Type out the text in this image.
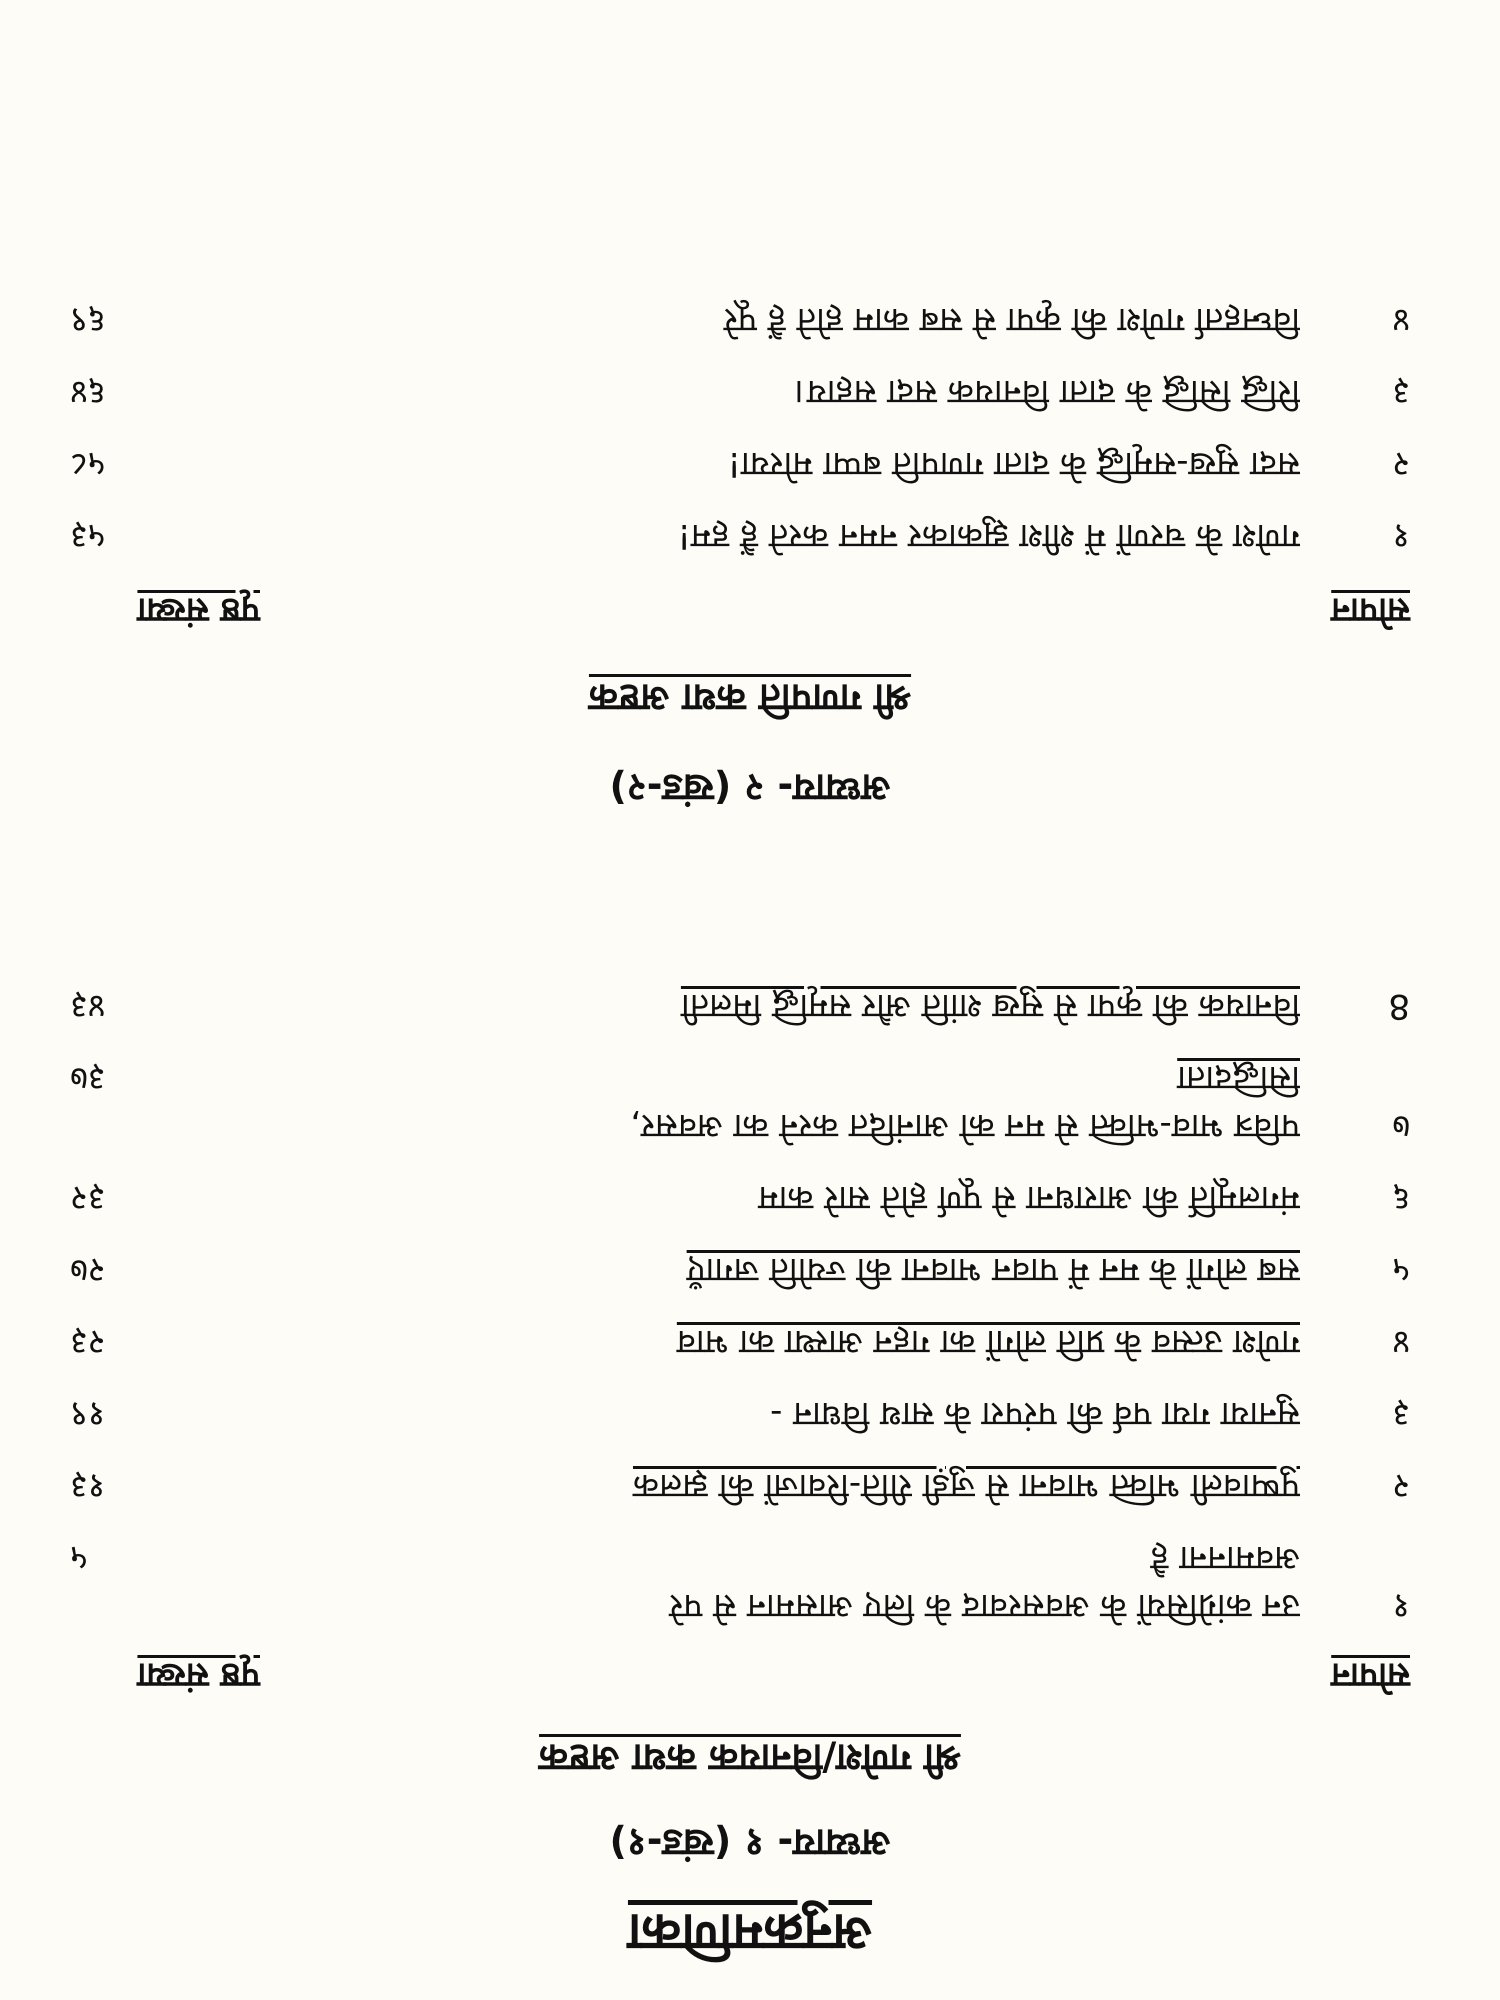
अनुक्रमणिका
अध्याय- १ (खंड-१)
श्री गणेश/विनायक कथा अष्टक
सोपान
पृष्ठ संख्या
१
उन कांग्रेसियों के अवसरवाद के लिए आसमान से परे
अवमानना है
५
२
पुष्पावली भक्ति भावना से जुड़ी रीति-रिवाजों की झलक
१३
३
सुनाया गया पर्व की परंपरा के साथ विधान -
१९
४
गणेश उत्सव के प्रति लोगों का गहन आस्था का भाव
२३
५
सब लोगों के मन में पावन भावना की ज्योति जगाएँ
२७
६
मंगलमूर्ति की आराधना से पूर्ण होते सारे काम
३२
७
पवित्र भाव-भक्ति से मन को आनंदित करने का अवसर,
सिद्धिदाता
३७
8
विनायक की कृपा से सुख शांति और समृद्धि मिलती
४३
अध्याय- २ (खंड-२)
श्री गणपति कथा अष्टक
सोपान
पृष्ठ संख्या
१
गणेश के चरणों में शीश झुकाकर नमन करते हैं हम!
५३
२
सदा सुख-समृद्धि के दाता गणपति बप्पा मोरया!
५८
३
रिद्धि सिद्धि के दाता विनायक सदा सहाय।
६४
४
विघ्नहर्ता गणेश की कृपा से सब काम होते हैं पूरे
६९
